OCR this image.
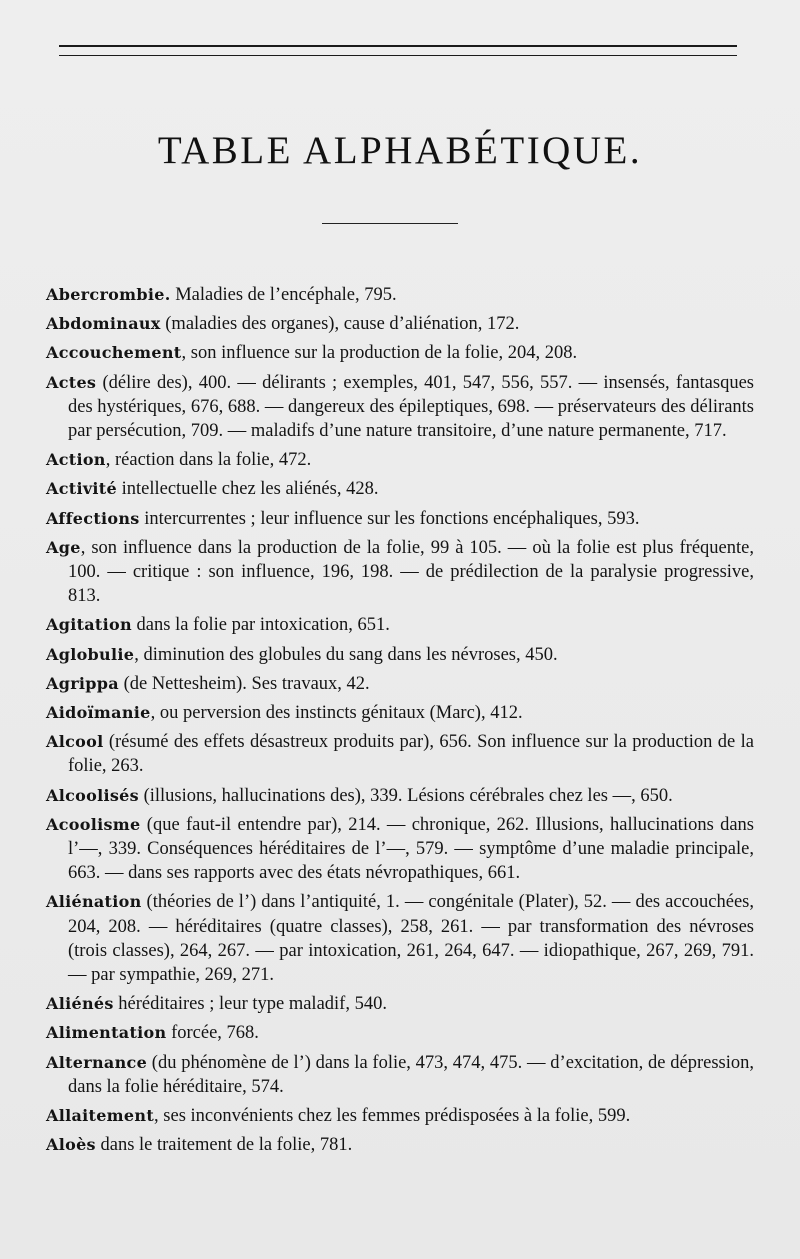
TABLE ALPHABÉTIQUE.

Abercrombie. Maladies de l’encéphale, 795.

Abdominaux (maladies des organes), cause d’aliénation, 172.

Accouchement, son influence sur la production de la folie, 204, 208.

Actes (délire des), 400. — délirants ; exemples, 401, 547, 556, 557. — insensés, fantasques des hystériques, 676, 688. — dangereux des épileptiques, 698. — préservateurs des délirants par persécution, 709. — maladifs d’une nature transitoire, d’une nature permanente, 717.

Action, réaction dans la folie, 472.

Activité intellectuelle chez les aliénés, 428.

Affections intercurrentes ; leur influence sur les fonctions encéphaliques, 593.

Age, son influence dans la production de la folie, 99 à 105. — où la folie est plus fréquente, 100. — critique : son influence, 196, 198. — de prédilection de la paralysie progressive, 813.

Agitation dans la folie par intoxication, 651.

Aglobulie, diminution des globules du sang dans les névroses, 450.

Agrippa (de Nettesheim). Ses travaux, 42.

Aidoïmanie, ou perversion des instincts génitaux (Marc), 412.

Alcool (résumé des effets désastreux produits par), 656. Son influence sur la production de la folie, 263.

Alcoolisés (illusions, hallucinations des), 339. Lésions cérébrales chez les —, 650.

Acoolisme (que faut-il entendre par), 214. — chronique, 262. Illusions, hallucinations dans l’—, 339. Conséquences héréditaires de l’—, 579. — symptôme d’une maladie principale, 663. — dans ses rapports avec des états névropathiques, 661.

Aliénation (théories de l’) dans l’antiquité, 1. — congénitale (Plater), 52. — des accouchées, 204, 208. — héréditaires (quatre classes), 258, 261. — par transformation des névroses (trois classes), 264, 267. — par intoxication, 261, 264, 647. — idiopathique, 267, 269, 791. — par sympathie, 269, 271.

Aliénés héréditaires ; leur type maladif, 540.

Alimentation forcée, 768.

Alternance (du phénomène de l’) dans la folie, 473, 474, 475. — d’excitation, de dépression, dans la folie héréditaire, 574.

Allaitement, ses inconvénients chez les femmes prédisposées à la folie, 599.

Aloès dans le traitement de la folie, 781.
